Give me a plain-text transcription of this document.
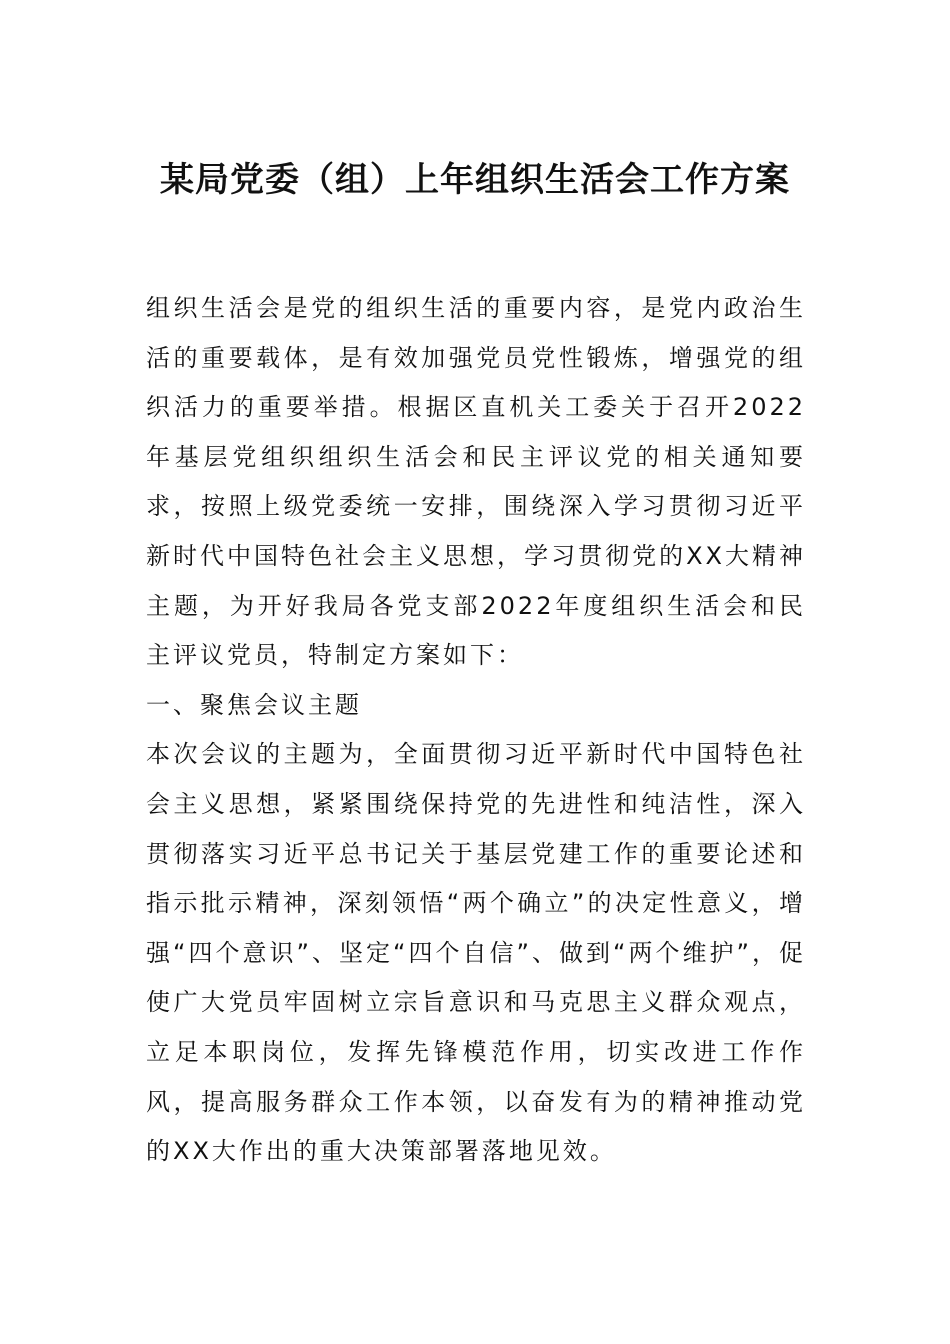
某局党委（组）上年组织生活会工作方案

组织生活会是党的组织生活的重要内容，是党内政治生活的重要载体，是有效加强党员党性锻炼，增强党的组织活力的重要举措。根据区直机关工委关于召开2022年基层党组织组织生活会和民主评议党的相关通知要求，按照上级党委统一安排，围绕深入学习贯彻习近平新时代中国特色社会主义思想，学习贯彻党的XX大精神主题，为开好我局各党支部2022年度组织生活会和民主评议党员，特制定方案如下：

一、聚焦会议主题

本次会议的主题为，全面贯彻习近平新时代中国特色社会主义思想，紧紧围绕保持党的先进性和纯洁性，深入贯彻落实习近平总书记关于基层党建工作的重要论述和指示批示精神，深刻领悟“两个确立”的决定性意义，增强“四个意识”、坚定“四个自信”、做到“两个维护”，促使广大党员牢固树立宗旨意识和马克思主义群众观点，立足本职岗位，发挥先锋模范作用，切实改进工作作风，提高服务群众工作本领，以奋发有为的精神推动党的XX大作出的重大决策部署落地见效。
